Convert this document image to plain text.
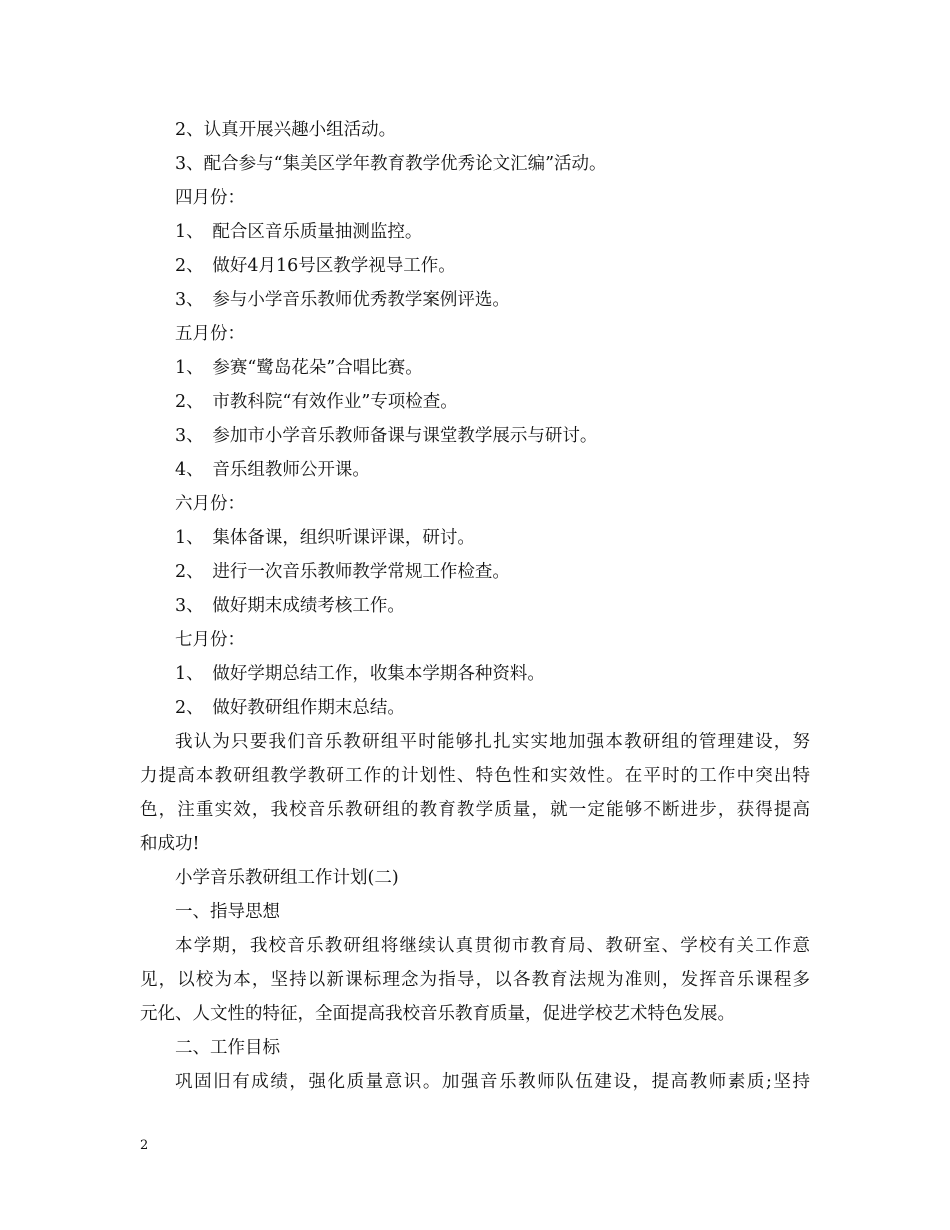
2、认真开展兴趣小组活动。
3、配合参与“集美区学年教育教学优秀论文汇编”活动。
四月份：
1、　配合区音乐质量抽测监控。
2、　做好4月16号区教学视导工作。
3、　参与小学音乐教师优秀教学案例评选。
五月份：
1、　参赛“鹭岛花朵”合唱比赛。
2、　市教科院“有效作业”专项检查。
3、　参加市小学音乐教师备课与课堂教学展示与研讨。
4、　音乐组教师公开课。
六月份：
1、　集体备课，组织听课评课，研讨。
2、　进行一次音乐教师教学常规工作检查。
3、　做好期末成绩考核工作。
七月份：
1、　做好学期总结工作，收集本学期各种资料。
2、　做好教研组作期末总结。
我认为只要我们音乐教研组平时能够扎扎实实地加强本教研组的管理建设，努
力提高本教研组教学教研工作的计划性、特色性和实效性。在平时的工作中突出特
色，注重实效，我校音乐教研组的教育教学质量，就一定能够不断进步，获得提高
和成功!
小学音乐教研组工作计划(二)
一、指导思想
本学期，我校音乐教研组将继续认真贯彻市教育局、教研室、学校有关工作意
见，以校为本，坚持以新课标理念为指导，以各教育法规为准则，发挥音乐课程多
元化、人文性的特征，全面提高我校音乐教育质量，促进学校艺术特色发展。
二、工作目标
巩固旧有成绩，强化质量意识。加强音乐教师队伍建设，提高教师素质;坚持
2
